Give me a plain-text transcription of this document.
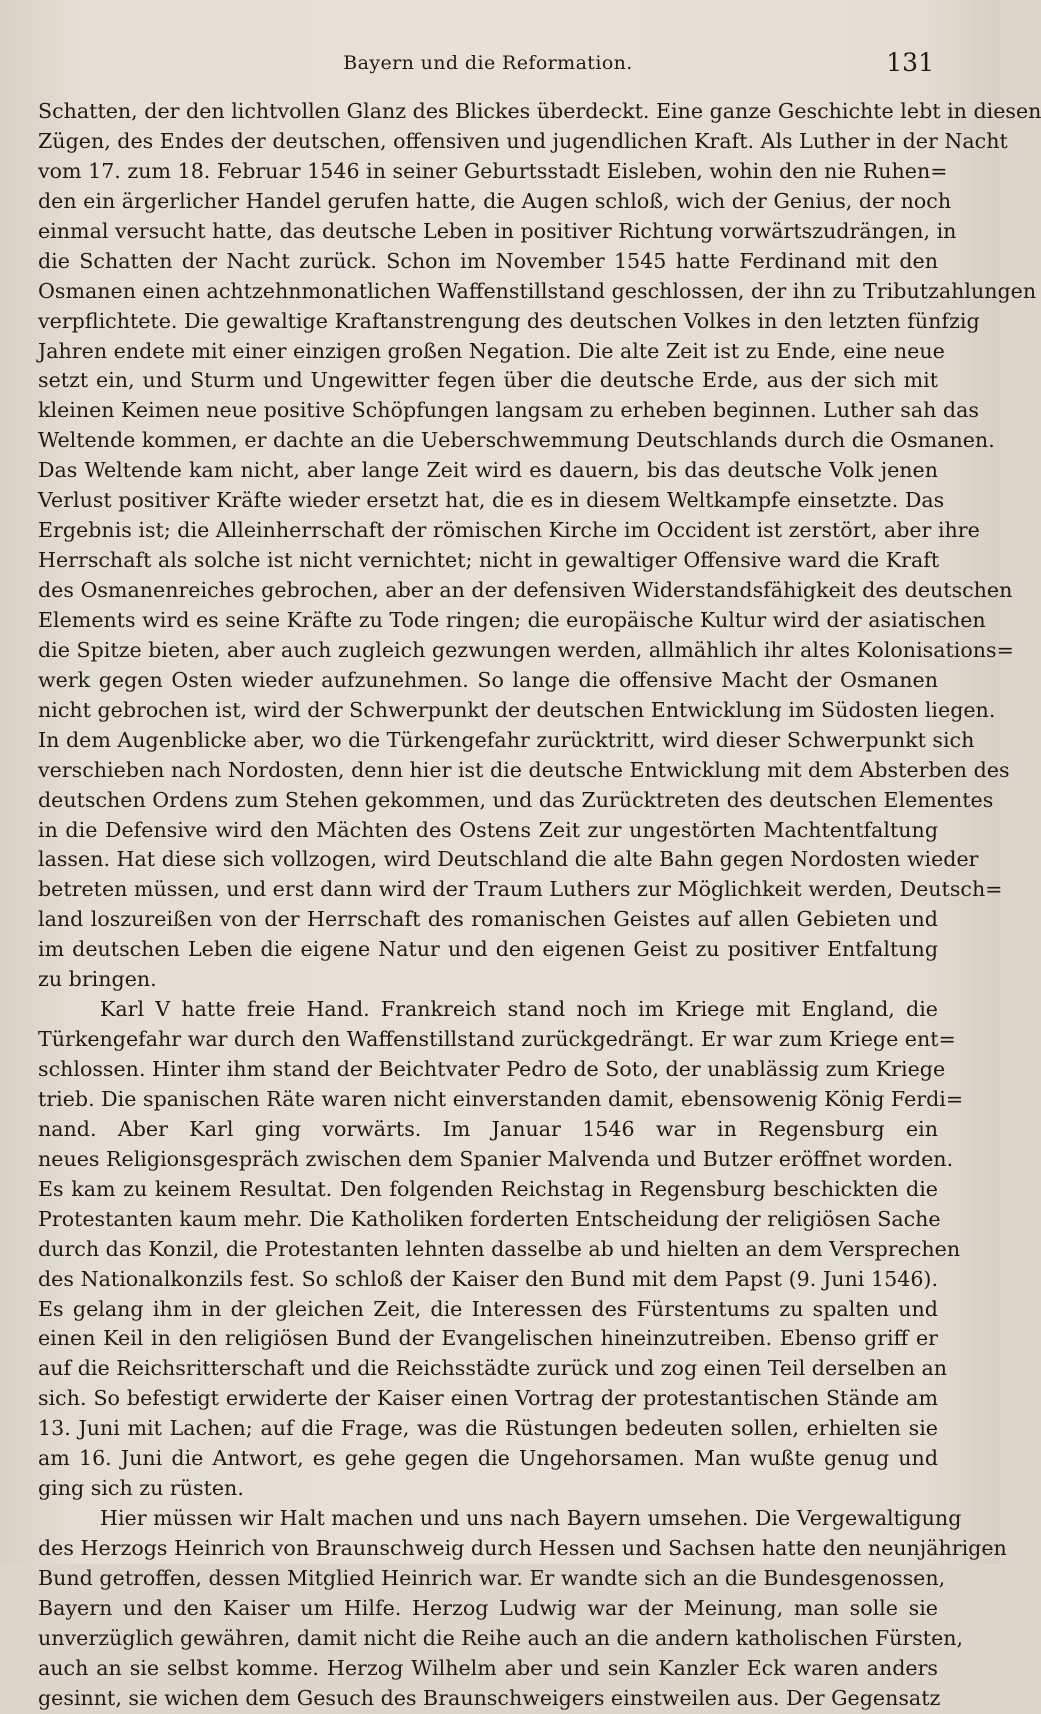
Bayern und die Reformation.	131
Schatten, der den lichtvollen Glanz des Blickes überdeckt. Eine ganze Geschichte lebt in diesen
Zügen, des Endes der deutschen, offensiven und jugendlichen Kraft. Als Luther in der Nacht
vom 17. zum 18. Februar 1546 in seiner Geburtsstadt Eisleben, wohin den nie Ruhen=
den ein ärgerlicher Handel gerufen hatte, die Augen schloß, wich der Genius, der noch
einmal versucht hatte, das deutsche Leben in positiver Richtung vorwärtszudrängen, in
die Schatten der Nacht zurück. Schon im November 1545 hatte Ferdinand mit den
Osmanen einen achtzehnmonatlichen Waffenstillstand geschlossen, der ihn zu Tributzahlungen
verpflichtete. Die gewaltige Kraftanstrengung des deutschen Volkes in den letzten fünfzig
Jahren endete mit einer einzigen großen Negation. Die alte Zeit ist zu Ende, eine neue
setzt ein, und Sturm und Ungewitter fegen über die deutsche Erde, aus der sich mit
kleinen Keimen neue positive Schöpfungen langsam zu erheben beginnen. Luther sah das
Weltende kommen, er dachte an die Ueberschwemmung Deutschlands durch die Osmanen.
Das Weltende kam nicht, aber lange Zeit wird es dauern, bis das deutsche Volk jenen
Verlust positiver Kräfte wieder ersetzt hat, die es in diesem Weltkampfe einsetzte. Das
Ergebnis ist; die Alleinherrschaft der römischen Kirche im Occident ist zerstört, aber ihre
Herrschaft als solche ist nicht vernichtet; nicht in gewaltiger Offensive ward die Kraft
des Osmanenreiches gebrochen, aber an der defensiven Widerstandsfähigkeit des deutschen
Elements wird es seine Kräfte zu Tode ringen; die europäische Kultur wird der asiatischen
die Spitze bieten, aber auch zugleich gezwungen werden, allmählich ihr altes Kolonisations=
werk gegen Osten wieder aufzunehmen. So lange die offensive Macht der Osmanen
nicht gebrochen ist, wird der Schwerpunkt der deutschen Entwicklung im Südosten liegen.
In dem Augenblicke aber, wo die Türkengefahr zurücktritt, wird dieser Schwerpunkt sich
verschieben nach Nordosten, denn hier ist die deutsche Entwicklung mit dem Absterben des
deutschen Ordens zum Stehen gekommen, und das Zurücktreten des deutschen Elementes
in die Defensive wird den Mächten des Ostens Zeit zur ungestörten Machtentfaltung
lassen. Hat diese sich vollzogen, wird Deutschland die alte Bahn gegen Nordosten wieder
betreten müssen, und erst dann wird der Traum Luthers zur Möglichkeit werden, Deutsch=
land loszureißen von der Herrschaft des romanischen Geistes auf allen Gebieten und
im deutschen Leben die eigene Natur und den eigenen Geist zu positiver Entfaltung
zu bringen.
Karl V hatte freie Hand. Frankreich stand noch im Kriege mit England, die
Türkengefahr war durch den Waffenstillstand zurückgedrängt. Er war zum Kriege ent=
schlossen. Hinter ihm stand der Beichtvater Pedro de Soto, der unablässig zum Kriege
trieb. Die spanischen Räte waren nicht einverstanden damit, ebensowenig König Ferdi=
nand. Aber Karl ging vorwärts. Im Januar 1546 war in Regensburg ein
neues Religionsgespräch zwischen dem Spanier Malvenda und Butzer eröffnet worden.
Es kam zu keinem Resultat. Den folgenden Reichstag in Regensburg beschickten die
Protestanten kaum mehr. Die Katholiken forderten Entscheidung der religiösen Sache
durch das Konzil, die Protestanten lehnten dasselbe ab und hielten an dem Versprechen
des Nationalkonzils fest. So schloß der Kaiser den Bund mit dem Papst (9. Juni 1546).
Es gelang ihm in der gleichen Zeit, die Interessen des Fürstentums zu spalten und
einen Keil in den religiösen Bund der Evangelischen hineinzutreiben. Ebenso griff er
auf die Reichsritterschaft und die Reichsstädte zurück und zog einen Teil derselben an
sich. So befestigt erwiderte der Kaiser einen Vortrag der protestantischen Stände am
13. Juni mit Lachen; auf die Frage, was die Rüstungen bedeuten sollen, erhielten sie
am 16. Juni die Antwort, es gehe gegen die Ungehorsamen. Man wußte genug und
ging sich zu rüsten.
Hier müssen wir Halt machen und uns nach Bayern umsehen. Die Vergewaltigung
des Herzogs Heinrich von Braunschweig durch Hessen und Sachsen hatte den neunjährigen
Bund getroffen, dessen Mitglied Heinrich war. Er wandte sich an die Bundesgenossen,
Bayern und den Kaiser um Hilfe. Herzog Ludwig war der Meinung, man solle sie
unverzüglich gewähren, damit nicht die Reihe auch an die andern katholischen Fürsten,
auch an sie selbst komme. Herzog Wilhelm aber und sein Kanzler Eck waren anders
gesinnt, sie wichen dem Gesuch des Braunschweigers einstweilen aus. Der Gegensatz
